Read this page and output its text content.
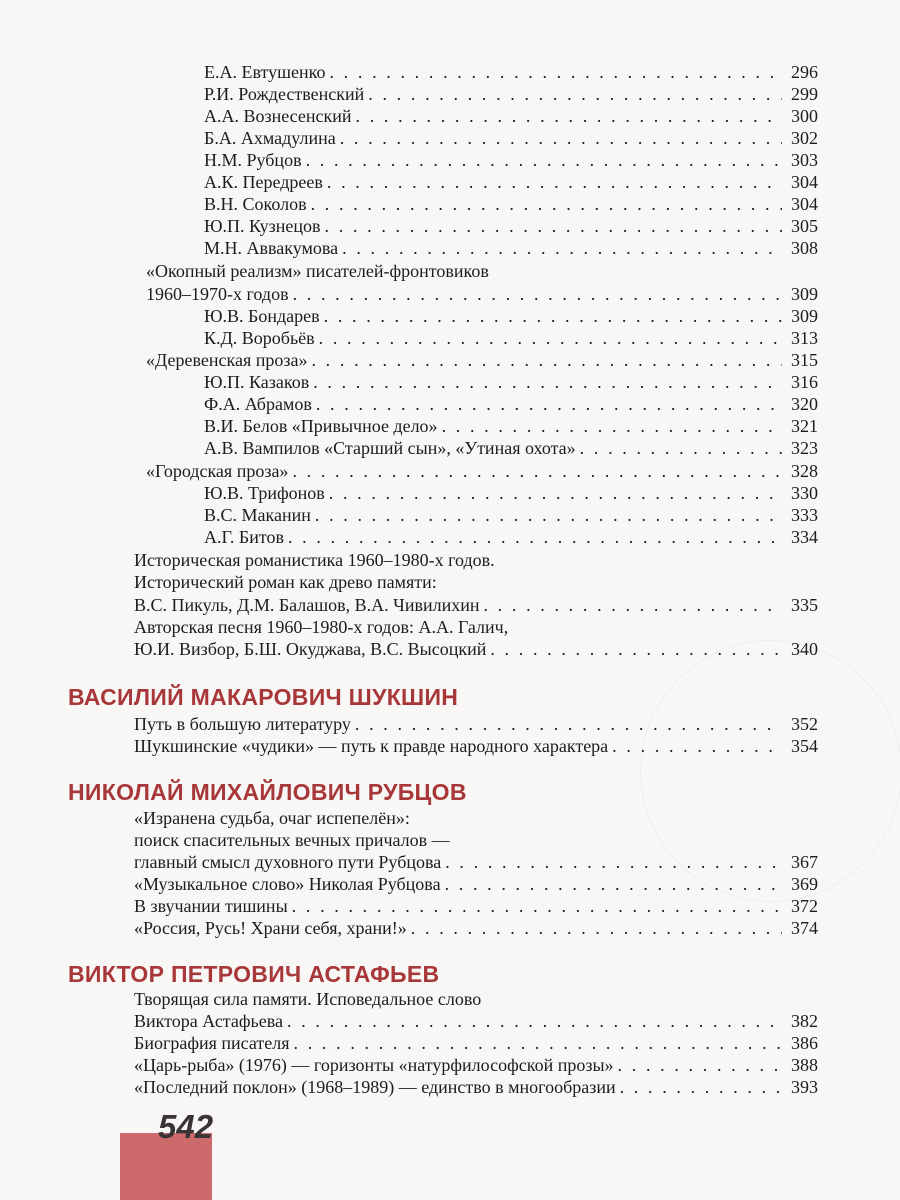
Е.А. Евтушенко . . .	296
Р.И. Рождественский . . .	299
А.А. Вознесенский . . .	300
Б.А. Ахмадулина . . .	302
Н.М. Рубцов . . .	303
А.К. Передреев . . .	304
В.Н. Соколов . . .	304
Ю.П. Кузнецов . . .	305
М.Н. Аввакумова . . .	308
«Окопный реализм» писателей-фронтовиков
1960–1970-х годов . . .	309
Ю.В. Бондарев . . .	309
К.Д. Воробьёв . . .	313
«Деревенская проза» . . .	315
Ю.П. Казаков . . .	316
Ф.А. Абрамов . . .	320
В.И. Белов «Привычное дело» . . .	321
А.В. Вампилов «Старший сын», «Утиная охота» . . .	323
«Городская проза» . . .	328
Ю.В. Трифонов . . .	330
В.С. Маканин . . .	333
А.Г. Битов . . .	334
Историческая романистика 1960–1980-х годов.
Исторический роман как древо памяти:
В.С. Пикуль, Д.М. Балашов, В.А. Чивилихин . . .	335
Авторская песня 1960–1980-х годов: А.А. Галич,
Ю.И. Визбор, Б.Ш. Окуджава, В.С. Высоцкий . . .	340
ВАСИЛИЙ МАКАРОВИЧ ШУКШИН
Путь в большую литературу . . .	352
Шукшинские «чудики» — путь к правде народного характера . . .	354
НИКОЛАЙ МИХАЙЛОВИЧ РУБЦОВ
«Изранена судьба, очаг испепелён»:
поиск спасительных вечных причалов —
главный смысл духовного пути Рубцова . . .	367
«Музыкальное слово» Николая Рубцова . . .	369
В звучании тишины . . .	372
«Россия, Русь! Храни себя, храни!» . . .	374
ВИКТОР ПЕТРОВИЧ АСТАФЬЕВ
Творящая сила памяти. Исповедальное слово
Виктора Астафьева . . .	382
Биография писателя . . .	386
«Царь-рыба» (1976) — горизонты «натурфилософской прозы» . . .	388
«Последний поклон» (1968–1989) — единство в многообразии . . .	393
542
